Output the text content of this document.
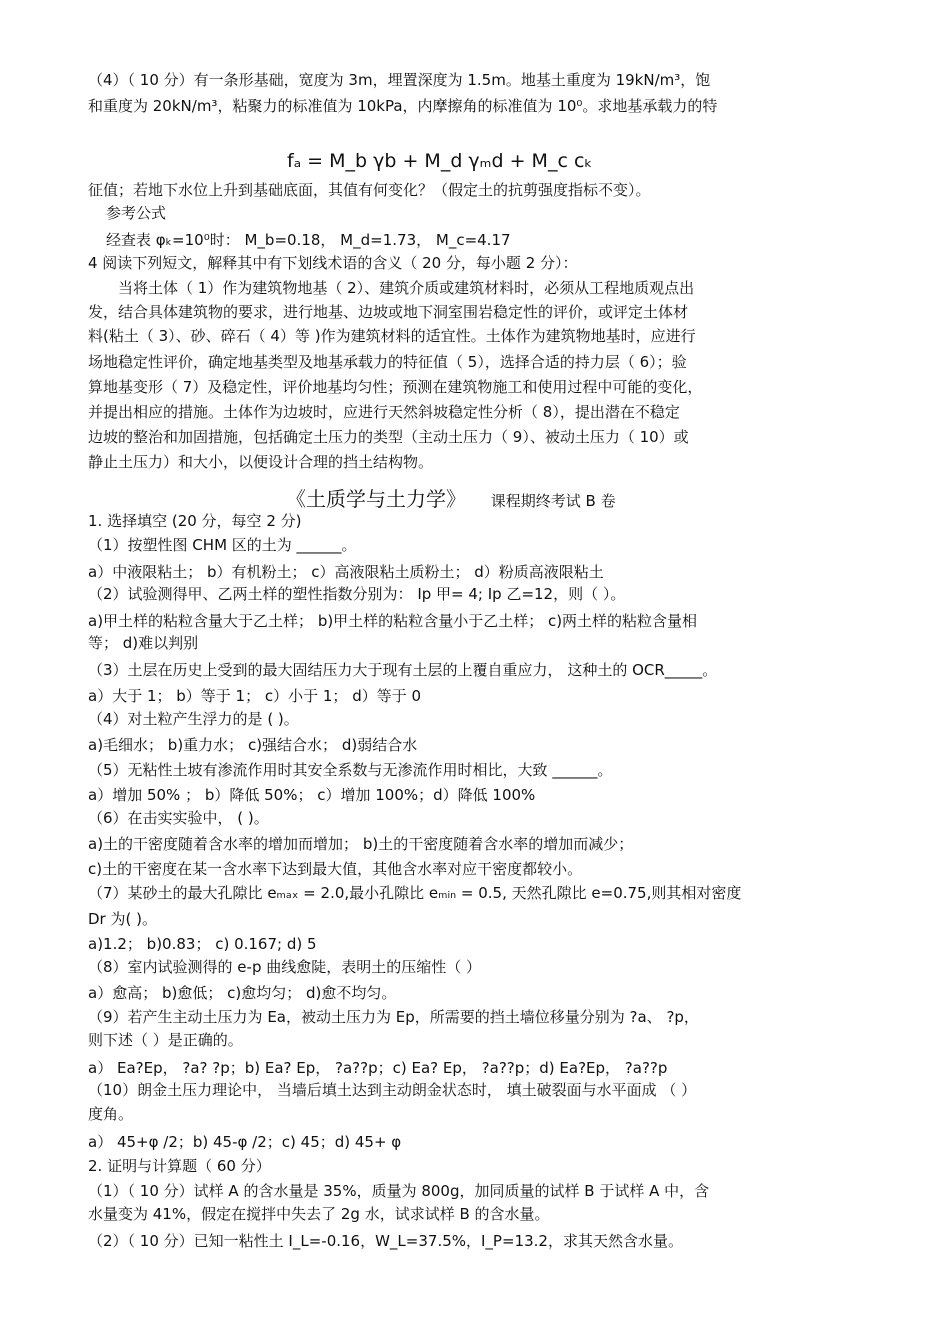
（4）（ 10 分）有一条形基础，宽度为 3m，埋置深度为 1.5m。地基土重度为 19kN/m³，饱
和重度为 20kN/m³，粘聚力的标准值为 10kPa，内摩擦角的标准值为 10⁰。求地基承载力的特
fₐ = M_b γb + M_d γₘd + M_c cₖ
征值；若地下水位上升到基础底面，其值有何变化？（假定土的抗剪强度指标不变）。
参考公式
经查表 φₖ=10⁰时： M_b=0.18， M_d=1.73， M_c=4.17
4 阅读下列短文，解释其中有下划线术语的含义（ 20 分，每小题 2 分）：
当将土体（ 1）作为建筑物地基（ 2）、建筑介质或建筑材料时，必须从工程地质观点出
发，结合具体建筑物的要求，进行地基、边坡或地下洞室围岩稳定性的评价，或评定土体材
料(粘土（ 3）、砂、碎石（ 4）等 )作为建筑材料的适宜性。土体作为建筑物地基时，应进行
场地稳定性评价，确定地基类型及地基承载力的特征值（ 5），选择合适的持力层（ 6）；验
算地基变形（ 7）及稳定性，评价地基均匀性；预测在建筑物施工和使用过程中可能的变化，
并提出相应的措施。土体作为边坡时，应进行天然斜坡稳定性分析（ 8），提出潜在不稳定
边坡的整治和加固措施，包括确定土压力的类型（主动土压力（ 9）、被动土压力（ 10）或
静止土压力）和大小，以便设计合理的挡土结构物。
《土质学与土力学》 课程期终考试 B 卷
1. 选择填空 (20 分，每空 2 分)
（1）按塑性图 CHM 区的土为 ______。
a）中液限粘土； b）有机粉土； c）高液限粘土质粉土； d）粉质高液限粘土
（2）试验测得甲、乙两土样的塑性指数分别为： Ip 甲= 4; Ip 乙=12，则（ ）。
a)甲土样的粘粒含量大于乙土样； b)甲土样的粘粒含量小于乙土样； c)两土样的粘粒含量相
等； d)难以判别
（3）土层在历史上受到的最大固结压力大于现有土层的上覆自重应力， 这种土的 OCR_____。
a）大于 1； b）等于 1； c）小于 1； d）等于 0
（4）对土粒产生浮力的是 ( )。
a)毛细水； b)重力水； c)强结合水； d)弱结合水
（5）无粘性土坡有渗流作用时其安全系数与无渗流作用时相比，大致 ______。
a）增加 50% ； b）降低 50%； c）增加 100%；d）降低 100%
（6）在击实实验中， ( )。
a)土的干密度随着含水率的增加而增加； b)土的干密度随着含水率的增加而减少；
c)土的干密度在某一含水率下达到最大值，其他含水率对应干密度都较小。
（7）某砂土的最大孔隙比 eₘₐₓ = 2.0,最小孔隙比 eₘᵢₙ = 0.5, 天然孔隙比 e=0.75,则其相对密度
Dr 为( )。
a)1.2； b)0.83； c) 0.167; d) 5
（8）室内试验测得的 e-p 曲线愈陡，表明土的压缩性（ ）
a）愈高； b)愈低； c)愈均匀； d)愈不均匀。
（9）若产生主动土压力为 Ea，被动土压力为 Ep，所需要的挡土墙位移量分别为 ?a、 ?p，
则下述（ ）是正确的。
a） Ea?Ep， ?a? ?p；b) Ea? Ep， ?a??p；c) Ea? Ep， ?a??p；d) Ea?Ep， ?a??p
（10）朗金土压力理论中， 当墙后填土达到主动朗金状态时， 填土破裂面与水平面成 （ ）
度角。
a） 45+φ /2；b) 45-φ /2；c) 45；d) 45+ φ
2. 证明与计算题（ 60 分）
（1）（ 10 分）试样 A 的含水量是 35%，质量为 800g，加同质量的试样 B 于试样 A 中，含
水量变为 41%，假定在搅拌中失去了 2g 水，试求试样 B 的含水量。
（2）（ 10 分）已知一粘性土 I_L=-0.16，W_L=37.5%，I_P=13.2，求其天然含水量。
